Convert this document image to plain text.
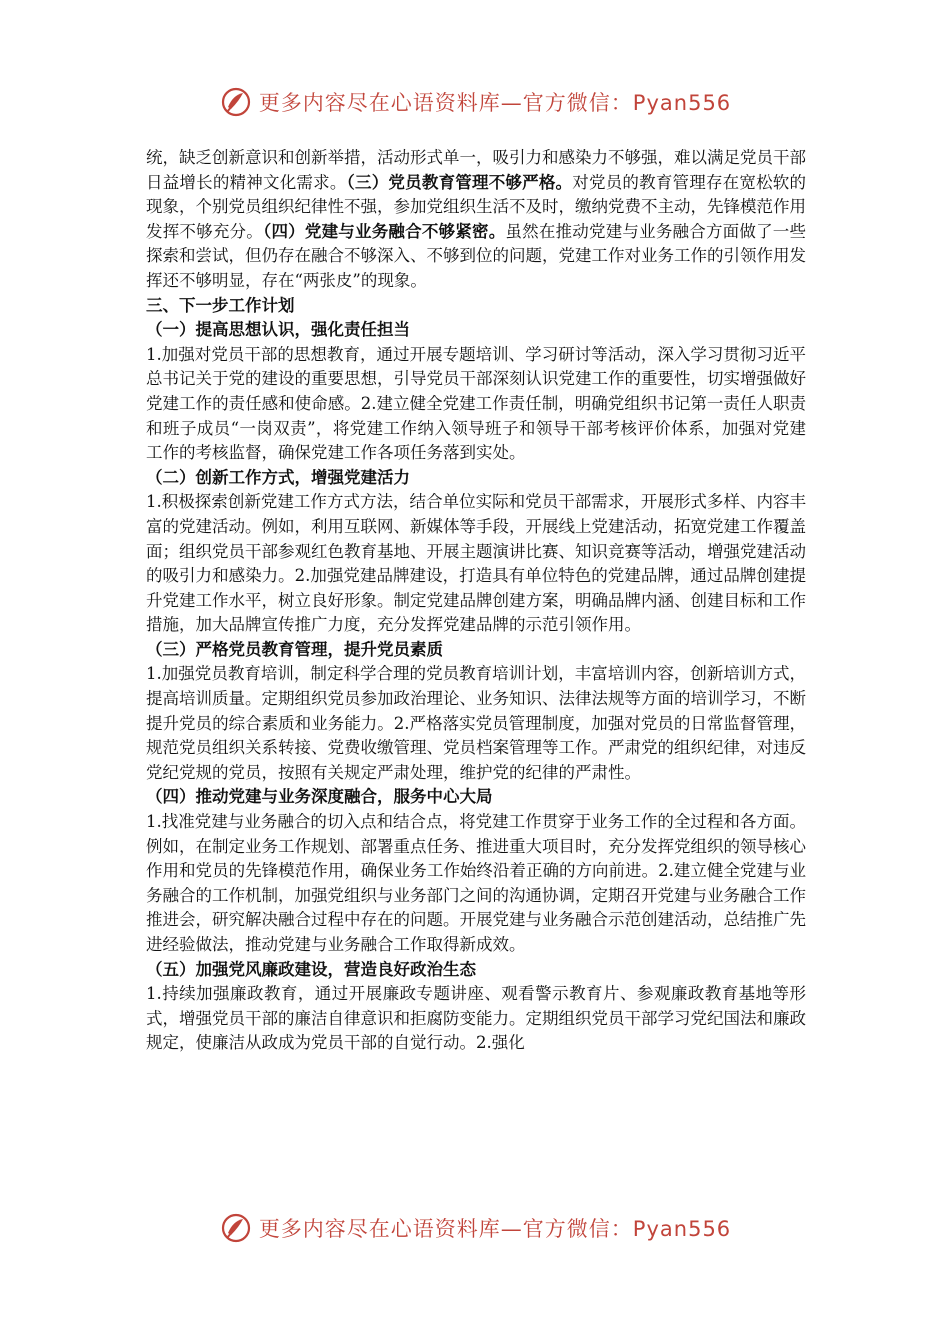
更多内容尽在心语资料库—官方微信：Pyan556

统，缺乏创新意识和创新举措，活动形式单一，吸引力和感染力不够强，难以满足党员干部日益增长的精神文化需求。（三）党员教育管理不够严格。对党员的教育管理存在宽松软的现象，个别党员组织纪律性不强，参加党组织生活不及时，缴纳党费不主动，先锋模范作用发挥不够充分。（四）党建与业务融合不够紧密。虽然在推动党建与业务融合方面做了一些探索和尝试，但仍存在融合不够深入、不够到位的问题，党建工作对业务工作的引领作用发挥还不够明显，存在“两张皮”的现象。

三、下一步工作计划

（一）提高思想认识，强化责任担当

1.加强对党员干部的思想教育，通过开展专题培训、学习研讨等活动，深入学习贯彻习近平总书记关于党的建设的重要思想，引导党员干部深刻认识党建工作的重要性，切实增强做好党建工作的责任感和使命感。2.建立健全党建工作责任制，明确党组织书记第一责任人职责和班子成员“一岗双责”，将党建工作纳入领导班子和领导干部考核评价体系，加强对党建工作的考核监督，确保党建工作各项任务落到实处。

（二）创新工作方式，增强党建活力

1.积极探索创新党建工作方式方法，结合单位实际和党员干部需求，开展形式多样、内容丰富的党建活动。例如，利用互联网、新媒体等手段，开展线上党建活动，拓宽党建工作覆盖面；组织党员干部参观红色教育基地、开展主题演讲比赛、知识竞赛等活动，增强党建活动的吸引力和感染力。2.加强党建品牌建设，打造具有单位特色的党建品牌，通过品牌创建提升党建工作水平，树立良好形象。制定党建品牌创建方案，明确品牌内涵、创建目标和工作措施，加大品牌宣传推广力度，充分发挥党建品牌的示范引领作用。

（三）严格党员教育管理，提升党员素质

1.加强党员教育培训，制定科学合理的党员教育培训计划，丰富培训内容，创新培训方式，提高培训质量。定期组织党员参加政治理论、业务知识、法律法规等方面的培训学习，不断提升党员的综合素质和业务能力。2.严格落实党员管理制度，加强对党员的日常监督管理，规范党员组织关系转接、党费收缴管理、党员档案管理等工作。严肃党的组织纪律，对违反党纪党规的党员，按照有关规定严肃处理，维护党的纪律的严肃性。

（四）推动党建与业务深度融合，服务中心大局

1.找准党建与业务融合的切入点和结合点，将党建工作贯穿于业务工作的全过程和各方面。例如，在制定业务工作规划、部署重点任务、推进重大项目时，充分发挥党组织的领导核心作用和党员的先锋模范作用，确保业务工作始终沿着正确的方向前进。2.建立健全党建与业务融合的工作机制，加强党组织与业务部门之间的沟通协调，定期召开党建与业务融合工作推进会，研究解决融合过程中存在的问题。开展党建与业务融合示范创建活动，总结推广先进经验做法，推动党建与业务融合工作取得新成效。

（五）加强党风廉政建设，营造良好政治生态

1.持续加强廉政教育，通过开展廉政专题讲座、观看警示教育片、参观廉政教育基地等形式，增强党员干部的廉洁自律意识和拒腐防变能力。定期组织党员干部学习党纪国法和廉政规定，使廉洁从政成为党员干部的自觉行动。2.强化

更多内容尽在心语资料库—官方微信：Pyan556
